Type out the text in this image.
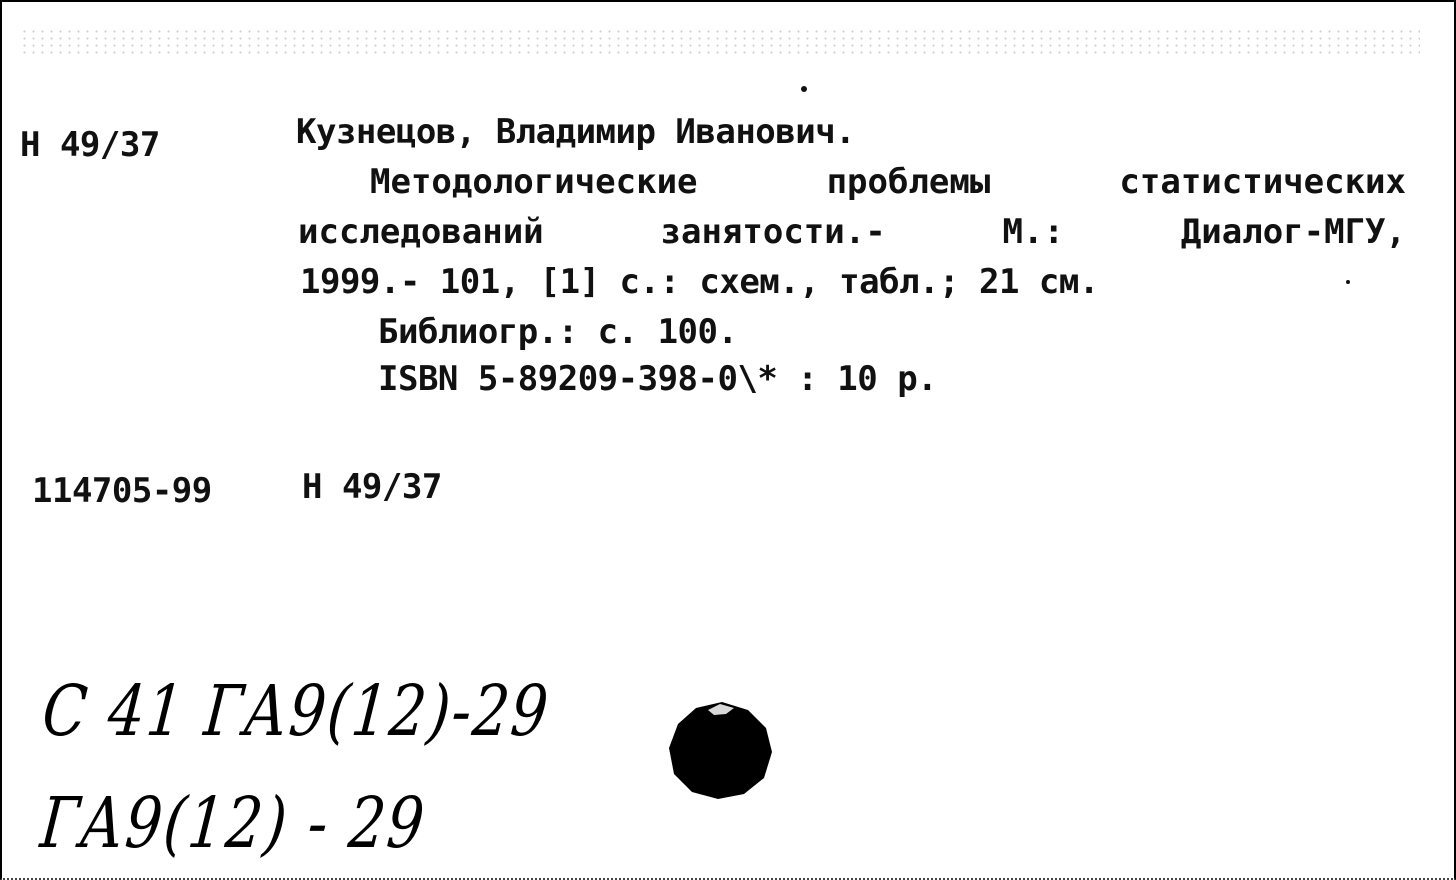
Н 49/37	Кузнецов, Владимир Иванович.
Методологические	проблемы	статистических
исследований	занятости.-	М.:	Диалог-МГУ,
1999.- 101, [1] с.: схем., табл.; 21 см.
Библиогр.: с. 100.
ISBN 5-89209-398-0\* : 10 р.
114705-99	Н 49/37
С 41 ГА9(12)-29
ГА9(12) - 29
